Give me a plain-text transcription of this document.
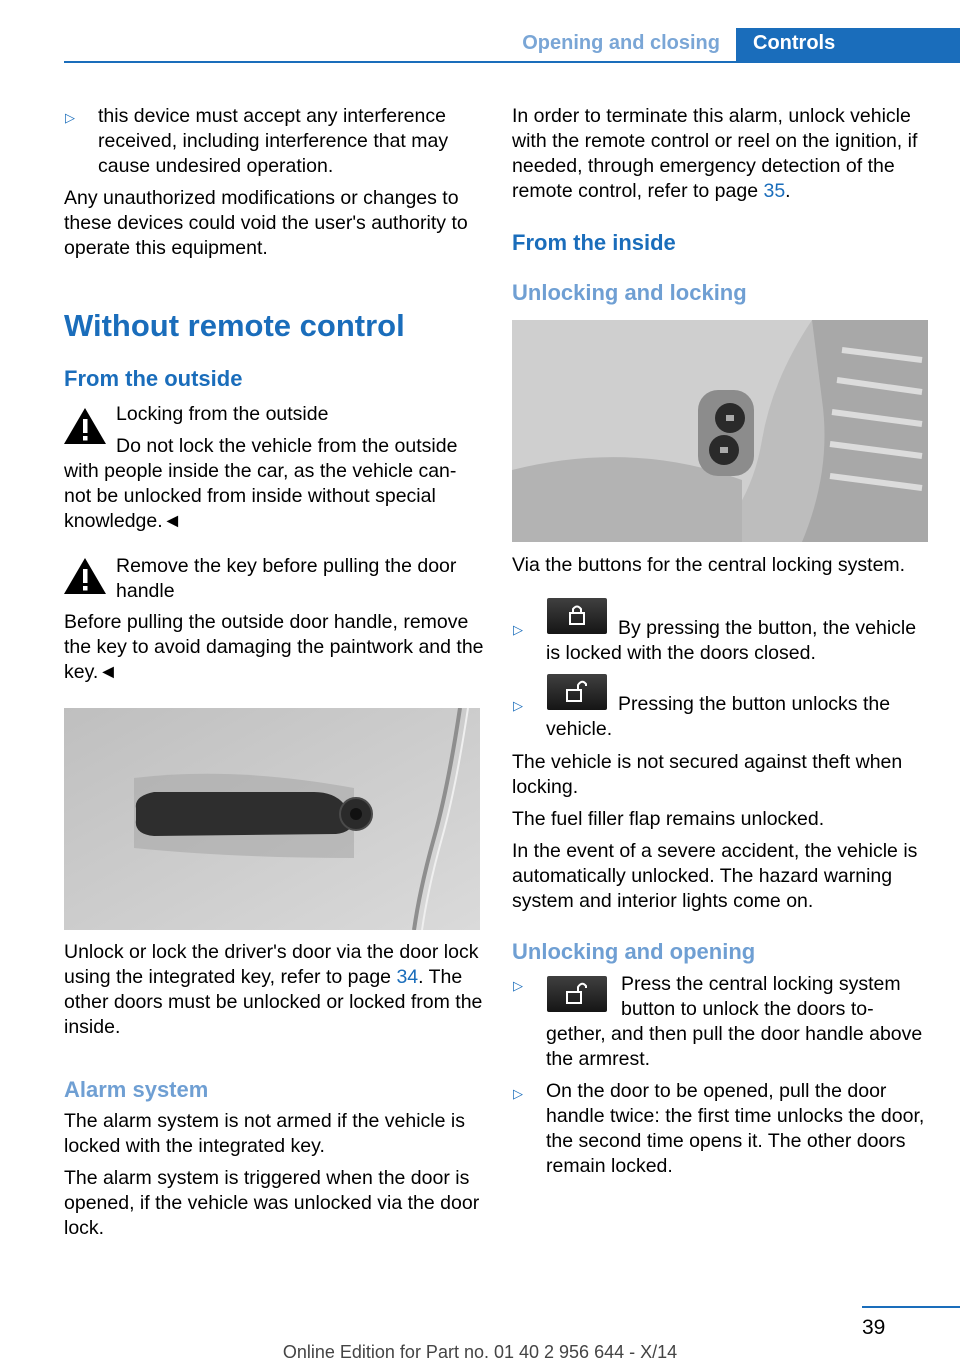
Opening and closing	Controls
▷ this device must accept any interference received, including interference that may cause undesired operation.
Any unauthorized modifications or changes to these devices could void the user's authority to operate this equipment.
Without remote control
From the outside
Locking from the outside
Do not lock the vehicle from the outside with people inside the car, as the vehicle can-not be unlocked from inside without special knowledge.◄
Remove the key before pulling the door handle
Before pulling the outside door handle, remove the key to avoid damaging the paintwork and the key.◄
Unlock or lock the driver's door via the door lock using the integrated key, refer to page 34. The other doors must be unlocked or locked from the inside.
Alarm system
The alarm system is not armed if the vehicle is locked with the integrated key.
The alarm system is triggered when the door is opened, if the vehicle was unlocked via the door lock.
In order to terminate this alarm, unlock vehicle with the remote control or reel on the ignition, if needed, through emergency detection of the remote control, refer to page 35.
From the inside
Unlocking and locking
Via the buttons for the central locking system.
▷	By pressing the button, the vehicle is locked with the doors closed.
▷	Pressing the button unlocks the vehicle.
The vehicle is not secured against theft when locking.
The fuel filler flap remains unlocked.
In the event of a severe accident, the vehicle is automatically unlocked. The hazard warning system and interior lights come on.
Unlocking and opening
▷	Press the central locking system button to unlock the doors to-gether, and then pull the door handle above the armrest.
▷ On the door to be opened, pull the door handle twice: the first time unlocks the door, the second time opens it. The other doors remain locked.
39
Online Edition for Part no. 01 40 2 956 644 - X/14
